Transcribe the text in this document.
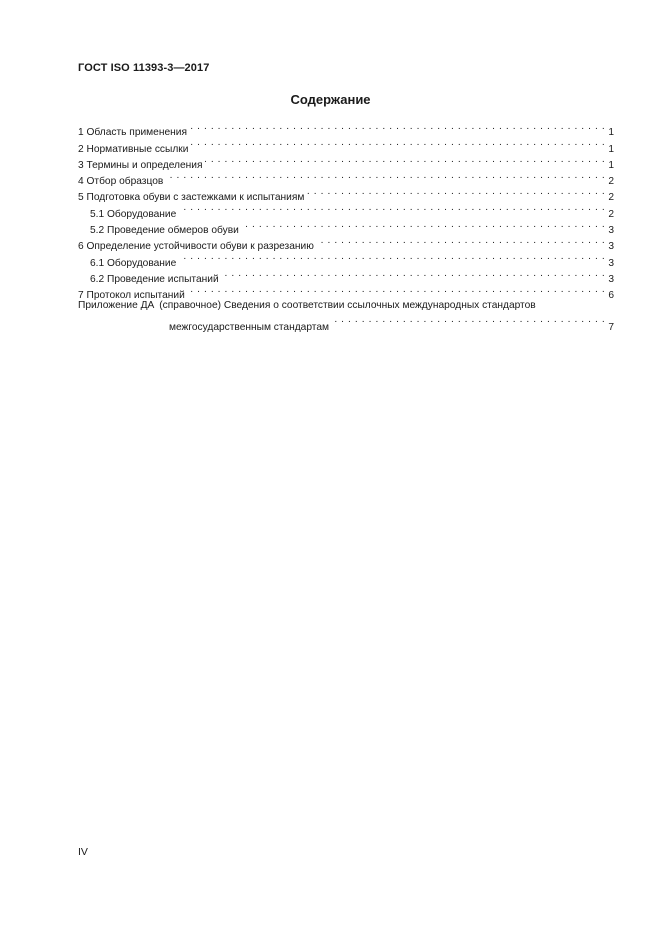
ГОСТ ISO 11393-3—2017
Содержание
1 Область применения . . .	1
2 Нормативные ссылки . . .	1
3 Термины и определения . . .	1
4 Отбор образцов . . .	2
5 Подготовка обуви с застежками к испытаниям . . .	2
5.1 Оборудование . . .	2
5.2 Проведение обмеров обуви . . .	3
6 Определение устойчивости обуви к разрезанию . . .	3
6.1 Оборудование . . .	3
6.2 Проведение испытаний . . .	3
7 Протокол испытаний . . .	6
Приложение ДА (справочное) Сведения о соответствии ссылочных международных стандартов
межгосударственным стандартам . . .	7
IV
